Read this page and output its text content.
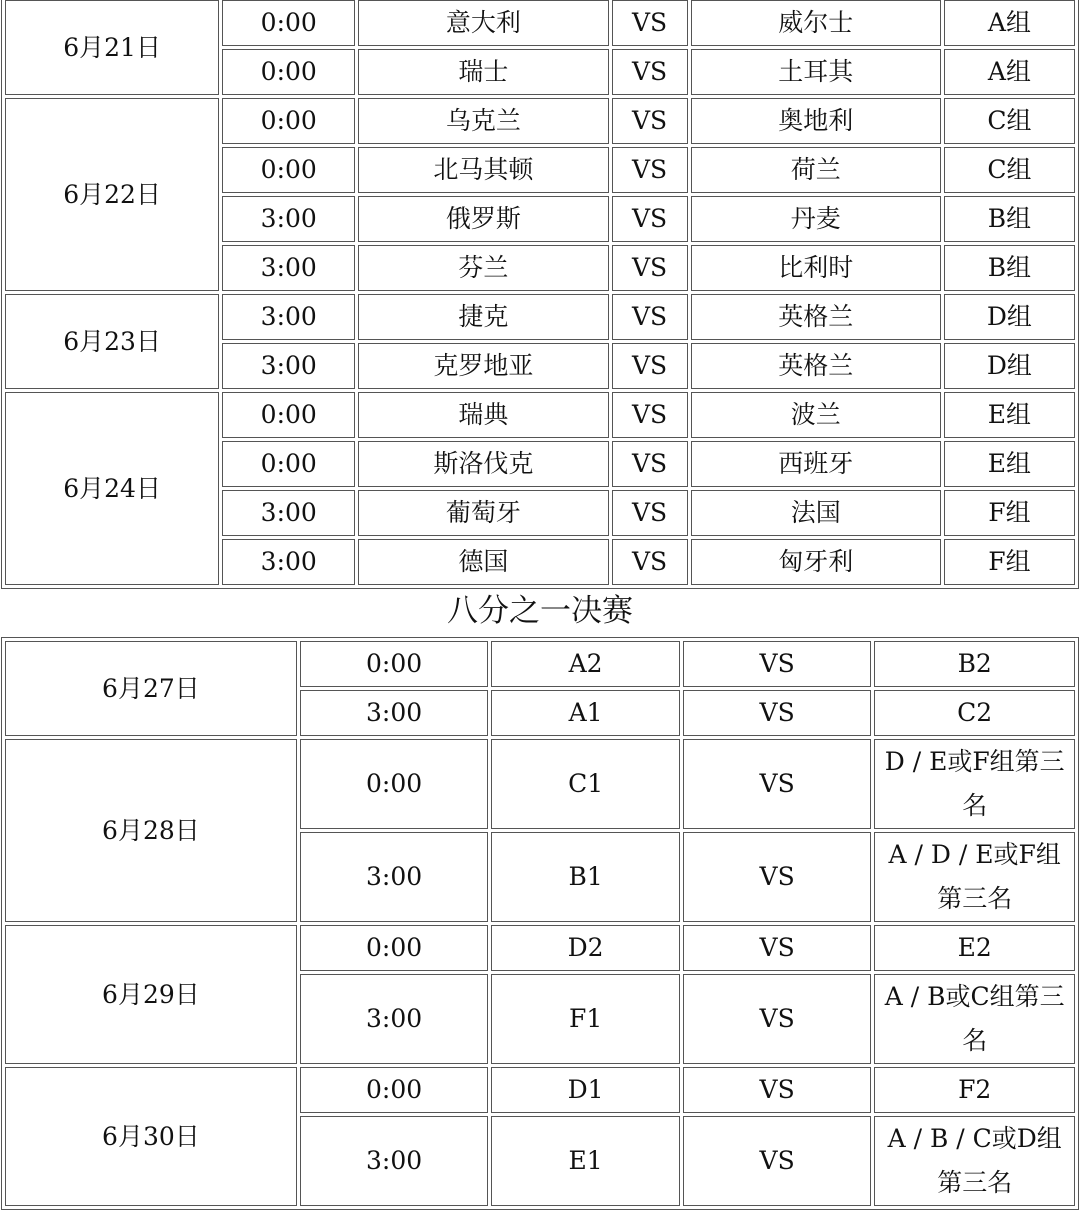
6月21日	0:00	意大利	VS	威尔士	A组
	0:00	瑞士	VS	土耳其	A组
6月22日	0:00	乌克兰	VS	奥地利	C组
	0:00	北马其顿	VS	荷兰	C组
	3:00	俄罗斯	VS	丹麦	B组
	3:00	芬兰	VS	比利时	B组
6月23日	3:00	捷克	VS	英格兰	D组
	3:00	克罗地亚	VS	英格兰	D组
6月24日	0:00	瑞典	VS	波兰	E组
	0:00	斯洛伐克	VS	西班牙	E组
	3:00	葡萄牙	VS	法国	F组
	3:00	德国	VS	匈牙利	F组
八分之一决赛
6月27日	0:00	A2	VS	B2
	3:00	A1	VS	C2
6月28日	0:00	C1	VS	D / E或F组第三名

	3:00	B1	VS	A / D / E或F组第三名

6月29日	0:00	D2	VS	E2
	3:00	F1	VS	A / B或C组第三名

6月30日	0:00	D1	VS	F2
	3:00	E1	VS	A / B / C或D组第三名
